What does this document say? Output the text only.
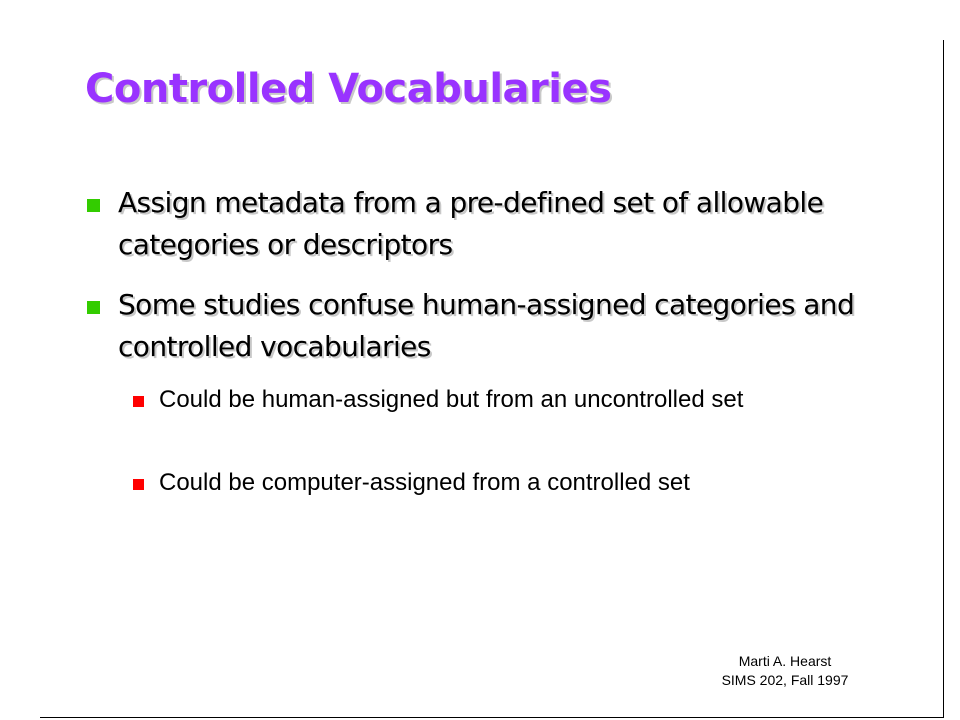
Controlled Vocabularies

Assign metadata from a pre-defined set of allowable categories or descriptors

Some studies confuse human-assigned categories and controlled vocabularies

Could be human-assigned but from an uncontrolled set

Could be computer-assigned from a controlled set

Marti A. Hearst
SIMS 202, Fall 1997
